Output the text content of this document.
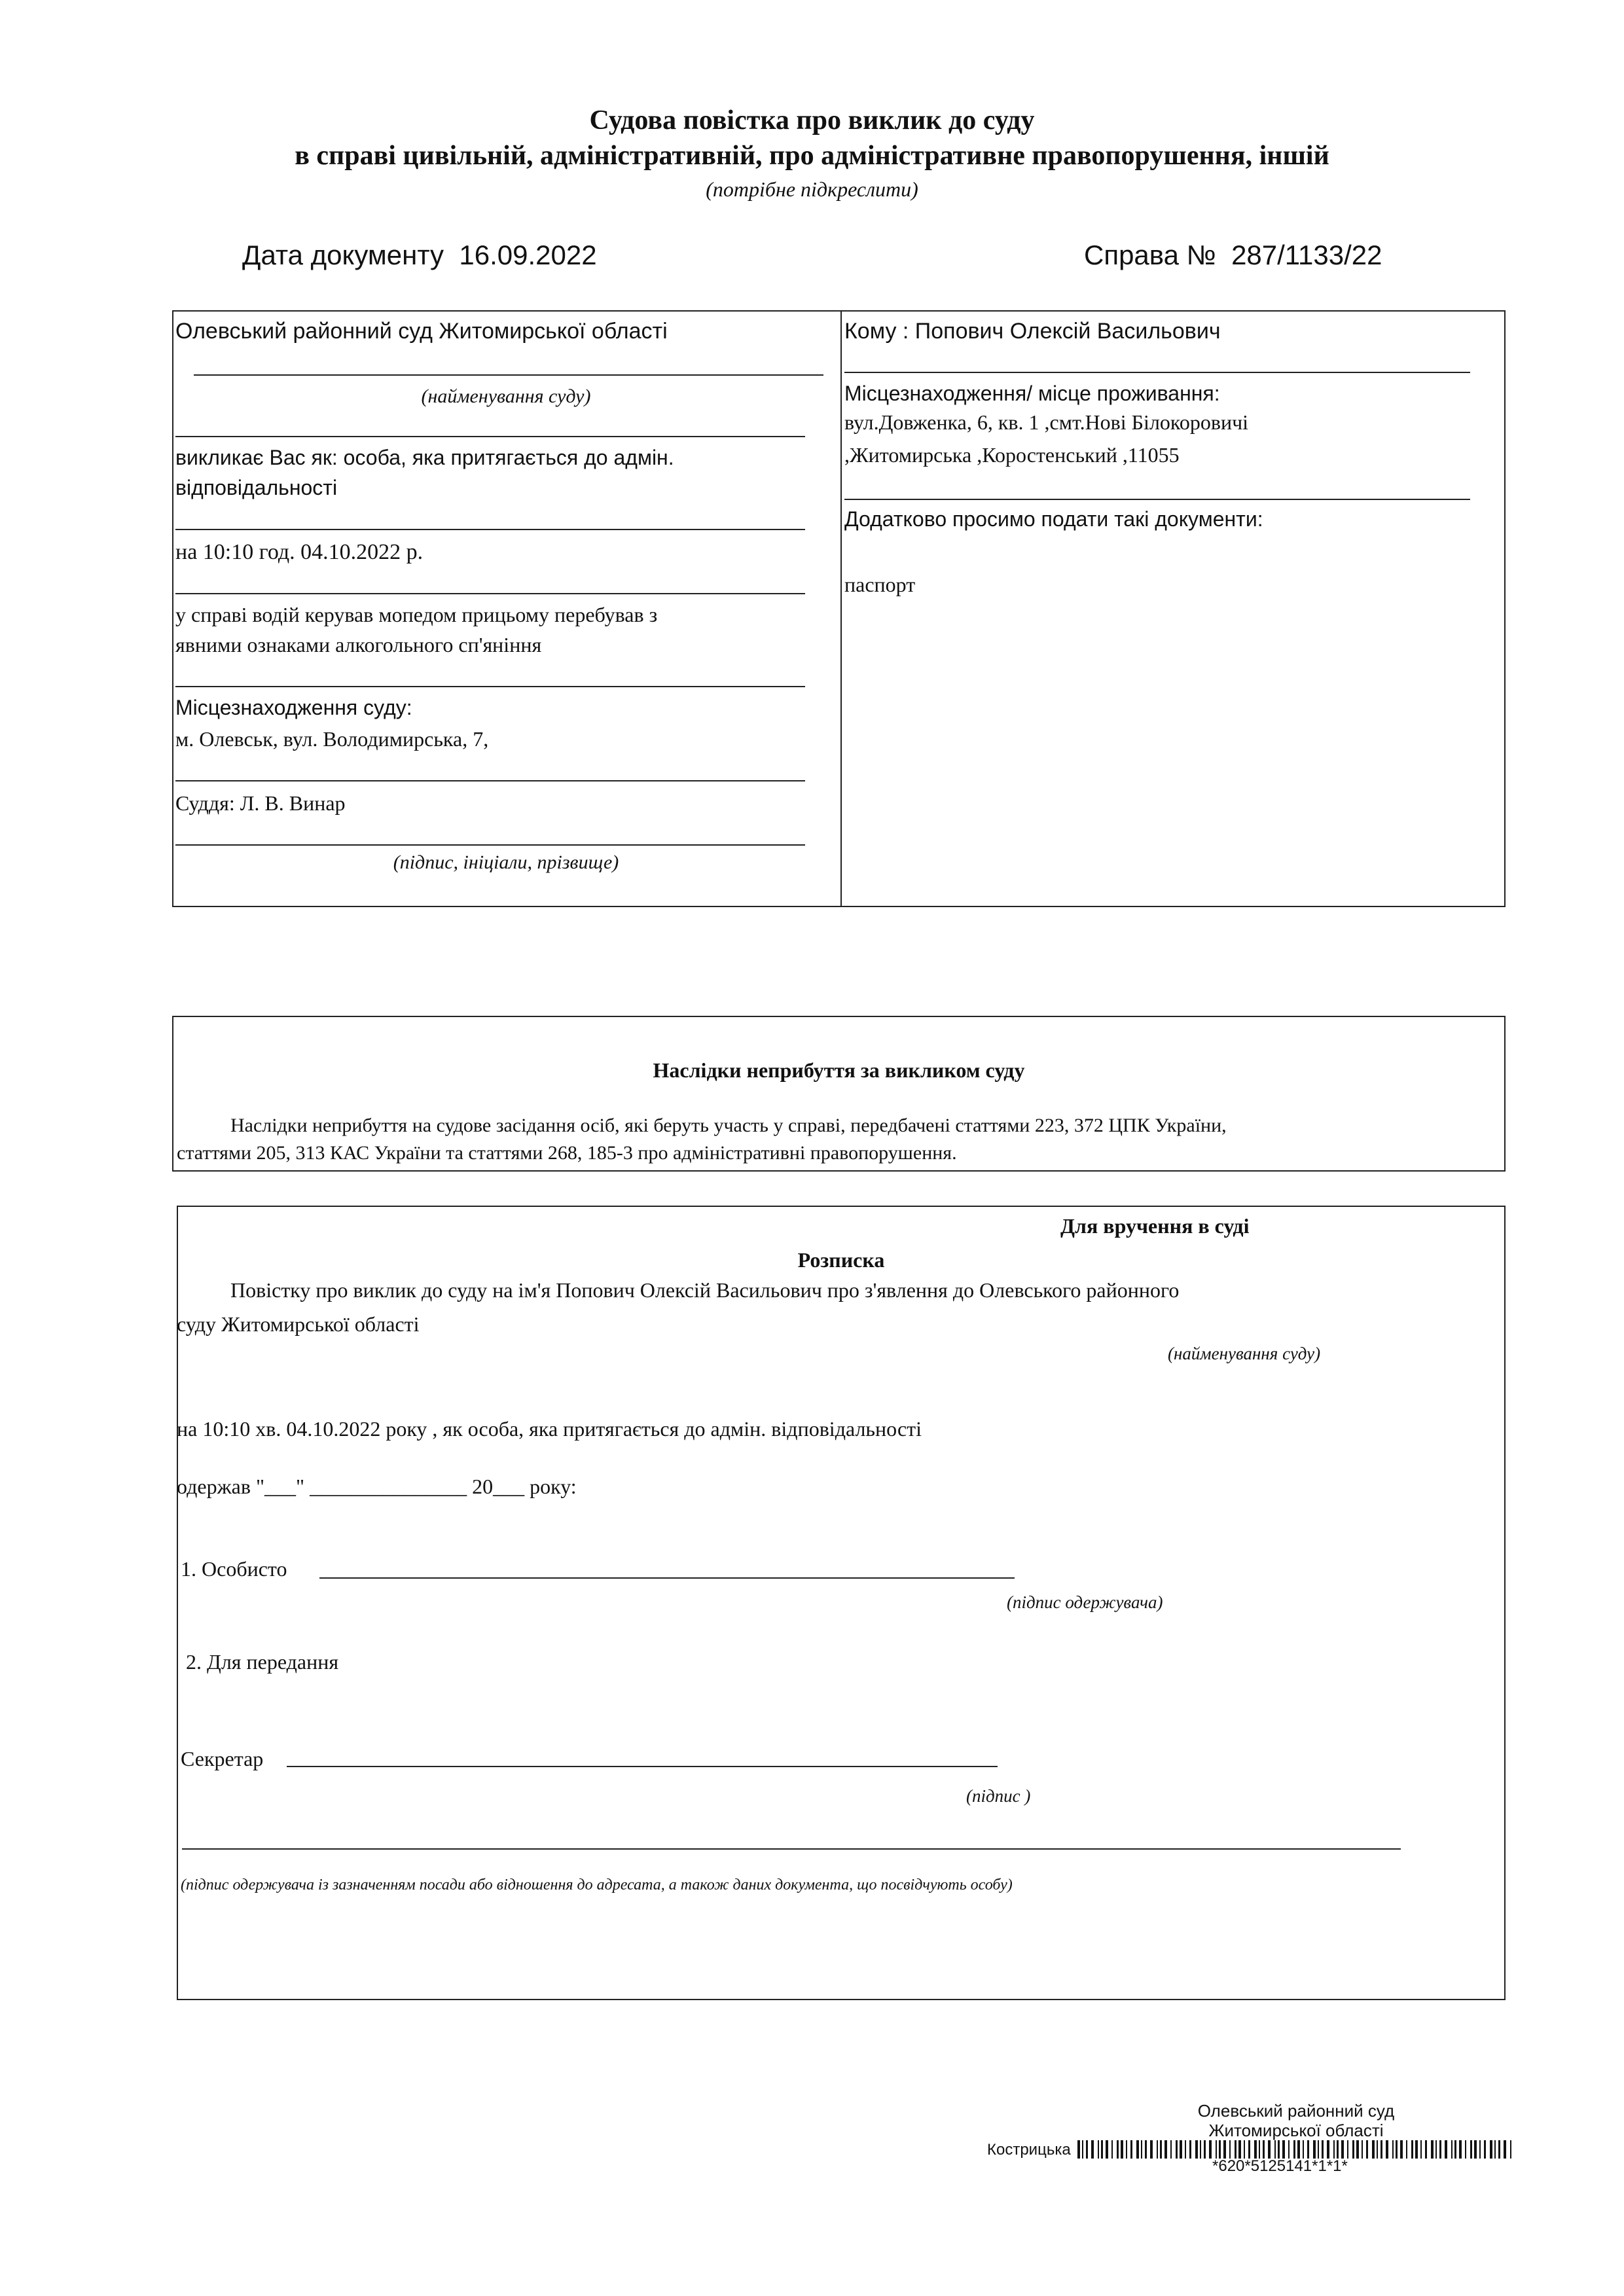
Судова повістка про виклик до суду
в справі цивільній, адміністративній, про адміністративне правопорушення, іншій
(потрібне підкреслити)
Дата документу 16.09.2022	Справа № 287/1133/22
Олевський районний суд Житомирської області
(найменування суду)
викликає Вас як: особа, яка притягається до адмін.
відповідальності
на 10:10 год. 04.10.2022 р.
у справі водій керував мопедом прицьому перебував з
явними ознаками алкогольного сп'яніння
Місцезнаходження суду:
м. Олевськ, вул. Володимирська, 7,
Суддя: Л. В. Винар
(підпис, ініціали, прізвище)
Кому : Попович Олексій Васильович
Місцезнаходження/ місце проживання:
вул.Довженка, 6, кв. 1 ,смт.Нові Білокоровичі
,Житомирська ,Коростенський ,11055
Додатково просимо подати такі документи:
паспорт
Наслідки неприбуття за викликом суду
Наслідки неприбуття на судове засідання осіб, які беруть участь у справі, передбачені статтями 223, 372 ЦПК України,
статтями 205, 313 КАС України та статтями 268, 185-3 про адміністративні правопорушення.
Для вручення в суді
Розписка
Повістку про виклик до суду на ім'я Попович Олексій Васильович про з'явлення до Олевського районного
суду Житомирської області
(найменування суду)
на 10:10 хв. 04.10.2022 року , як особа, яка притягається до адмін. відповідальності
одержав "___" _______________ 20___ року:
1. Особисто
(підпис одержувача)
2. Для передання
Секретар
(підпис )
(підпис одержувача із зазначенням посади або відношення до адресата, а також даних документа, що посвідчують особу)
Олевський районний суд
Житомирської області
Кострицька
*620*5125141*1*1*
